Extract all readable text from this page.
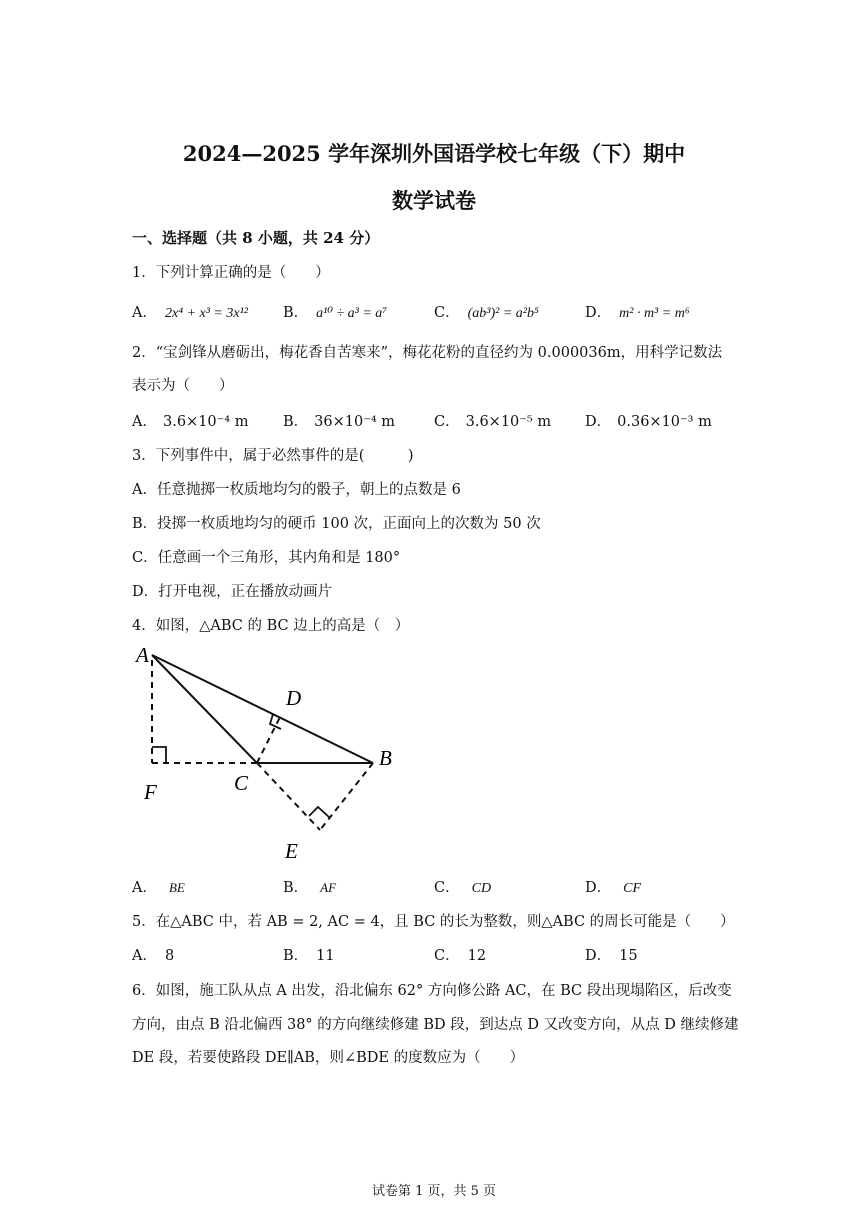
2024—2025 学年深圳外国语学校七年级（下）期中
数学试卷
一、选择题（共 8 小题，共 24 分）
1．下列计算正确的是（　　）
A． 2x⁴ + x³ = 3x¹² B． a¹⁰ ÷ a³ = a⁷	C． (ab³)² = a²b⁵	D． m² · m³ = m⁶
2．“宝剑锋从磨砺出，梅花香自苦寒来”，梅花花粉的直径约为 0.000036m，用科学记数法
表示为（　　）
A． 3.6×10⁻⁴ m B． 36×10⁻⁴ m	C． 3.6×10⁻⁵ m D． 0.36×10⁻³ m
3．下列事件中，属于必然事件的是(　　　)
A．任意抛掷一枚质地均匀的骰子，朝上的点数是 6
B．投掷一枚质地均匀的硬币 100 次，正面向上的次数为 50 次
C．任意画一个三角形，其内角和是 180°
D．打开电视，正在播放动画片
4．如图，△ABC 的 BC 边上的高是（　）
A
D
B
C
F
E
A． BE	B． AF	C． CD	D． CF
5．在△ABC 中，若 AB = 2, AC = 4，且 BC 的长为整数，则△ABC 的周长可能是（　　）
A． 8	B． 11	C． 12	D． 15
6．如图，施工队从点 A 出发，沿北偏东 62° 方向修公路 AC，在 BC 段出现塌陷区，后改变
方向，由点 B 沿北偏西 38° 的方向继续修建 BD 段，到达点 D 又改变方向，从点 D 继续修建
DE 段，若要使路段 DE∥AB，则∠BDE 的度数应为（　　）
试卷第 1 页，共 5 页
